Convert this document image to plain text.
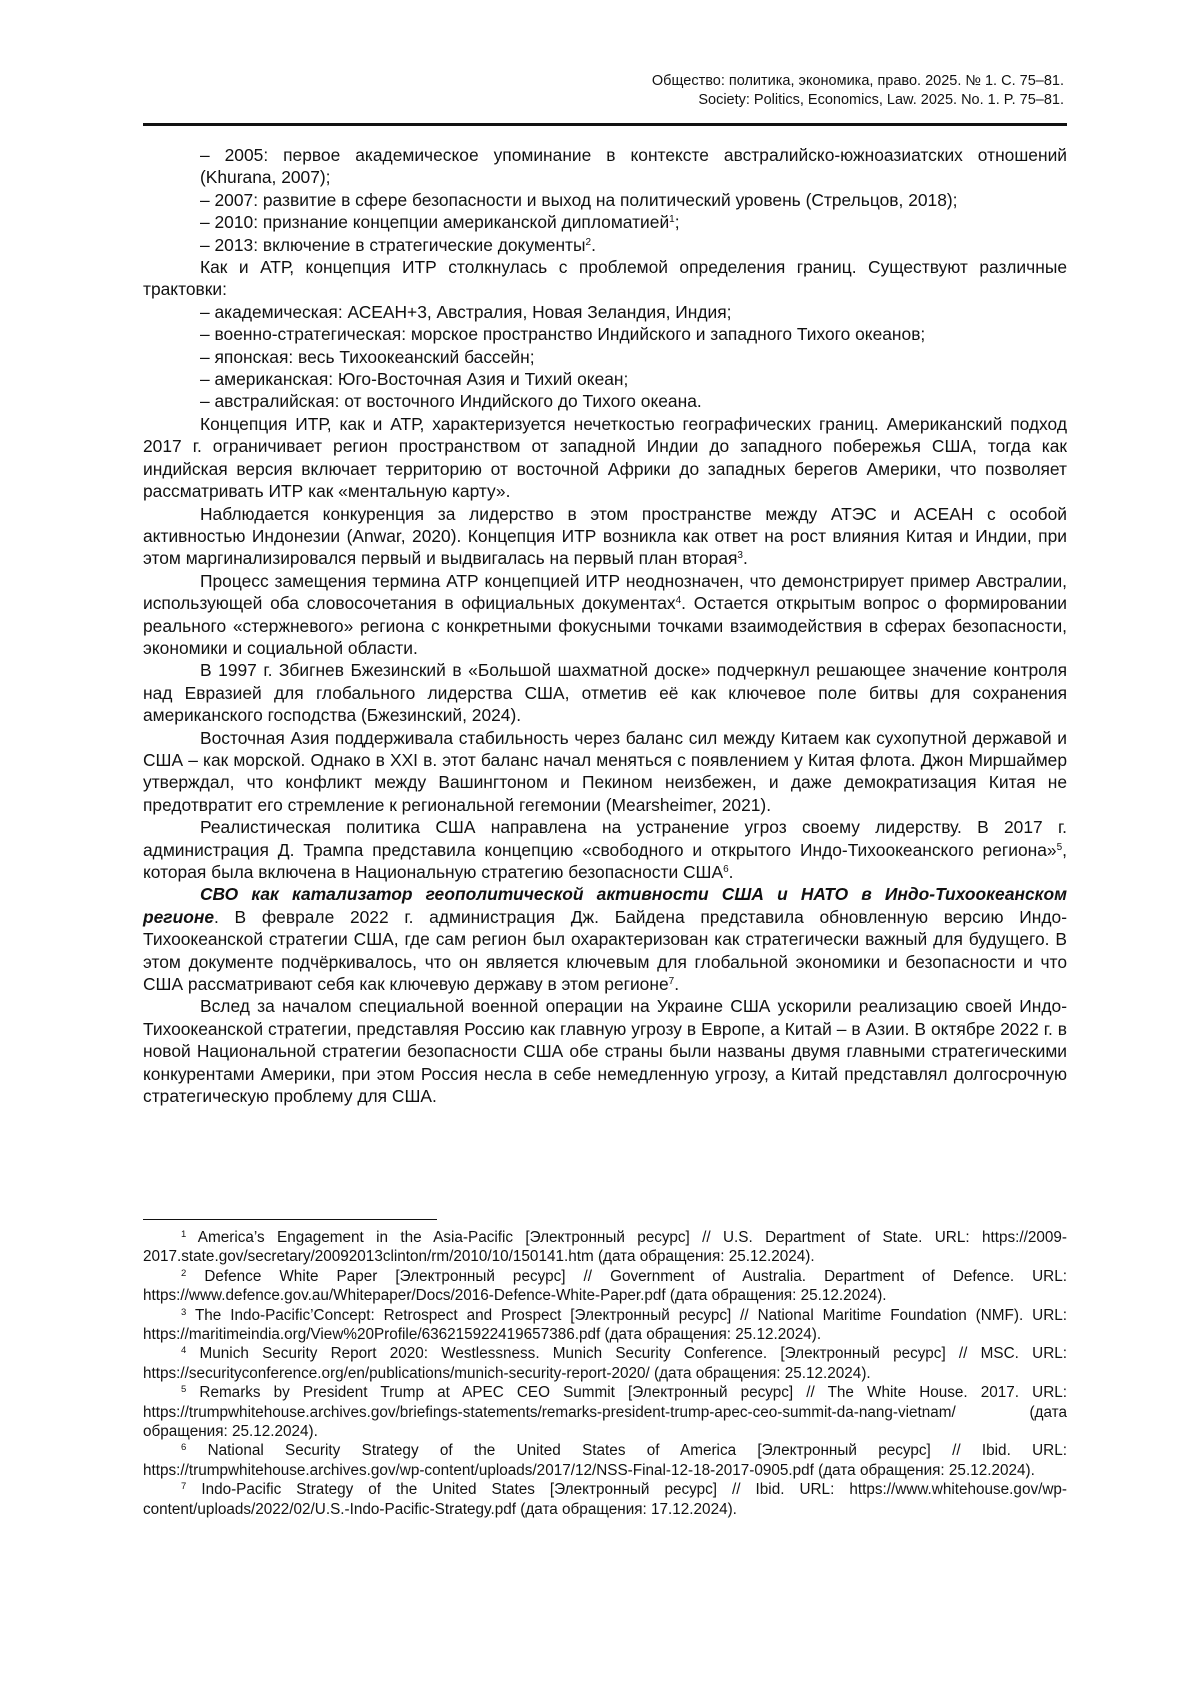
Общество: политика, экономика, право. 2025. № 1. С. 75–81.
Society: Politics, Economics, Law. 2025. No. 1. P. 75–81.

– 2005: первое академическое упоминание в контексте австралийско-южноазиатских отношений (Khurana, 2007);

– 2007: развитие в сфере безопасности и выход на политический уровень (Стрельцов, 2018);

– 2010: признание концепции американской дипломатией$^1$;

– 2013: включение в стратегические документы$^2$.

Как и АТР, концепция ИТР столкнулась с проблемой определения границ. Существуют различные трактовки:

– академическая: АСЕАН+3, Австралия, Новая Зеландия, Индия;

– военно-стратегическая: морское пространство Индийского и западного Тихого океанов;

– японская: весь Тихоокеанский бассейн;

– американская: Юго-Восточная Азия и Тихий океан;

– австралийская: от восточного Индийского до Тихого океана.

Концепция ИТР, как и АТР, характеризуется нечеткостью географических границ. Американский подход 2017 г. ограничивает регион пространством от западной Индии до западного побережья США, тогда как индийская версия включает территорию от восточной Африки до западных берегов Америки, что позволяет рассматривать ИТР как «ментальную карту».

Наблюдается конкуренция за лидерство в этом пространстве между АТЭС и АСЕАН с особой активностью Индонезии (Anwar, 2020). Концепция ИТР возникла как ответ на рост влияния Китая и Индии, при этом маргинализировался первый и выдвигалась на первый план вторая$^3$.

Процесс замещения термина АТР концепцией ИТР неоднозначен, что демонстрирует пример Австралии, использующей оба словосочетания в официальных документах$^4$. Остается открытым вопрос о формировании реального «стержневого» региона с конкретными фокусными точками взаимодействия в сферах безопасности, экономики и социальной области.

В 1997 г. Збигнев Бжезинский в «Большой шахматной доске» подчеркнул решающее значение контроля над Евразией для глобального лидерства США, отметив её как ключевое поле битвы для сохранения американского господства (Бжезинский, 2024).

Восточная Азия поддерживала стабильность через баланс сил между Китаем как сухопутной державой и США – как морской. Однако в XXI в. этот баланс начал меняться с появлением у Китая флота. Джон Миршаймер утверждал, что конфликт между Вашингтоном и Пекином неизбежен, и даже демократизация Китая не предотвратит его стремление к региональной гегемонии (Mearsheimer, 2021).

Реалистическая политика США направлена на устранение угроз своему лидерству. В 2017 г. администрация Д. Трампа представила концепцию «свободного и открытого Индо-Тихоокеанского региона»$^5$, которая была включена в Национальную стратегию безопасности США$^6$.

СВО как катализатор геополитической активности США и НАТО в Индо-Тихоокеанском регионе. В феврале 2022 г. администрация Дж. Байдена представила обновленную версию Индо-Тихоокеанской стратегии США, где сам регион был охарактеризован как стратегически важный для будущего. В этом документе подчёркивалось, что он является ключевым для глобальной экономики и безопасности и что США рассматривают себя как ключевую державу в этом регионе$^7$.

Вслед за началом специальной военной операции на Украине США ускорили реализацию своей Индо-Тихоокеанской стратегии, представляя Россию как главную угрозу в Европе, а Китай – в Азии. В октябре 2022 г. в новой Национальной стратегии безопасности США обе страны были названы двумя главными стратегическими конкурентами Америки, при этом Россия несла в себе немедленную угрозу, а Китай представлял долгосрочную стратегическую проблему для США.

$^1$ America’s Engagement in the Asia-Pacific [Электронный ресурс] // U.S. Department of State. URL: https://2009-2017.state.gov/secretary/20092013clinton/rm/2010/10/150141.htm (дата обращения: 25.12.2024).

$^2$ Defence White Paper [Электронный ресурс] // Government of Australia. Department of Defence. URL: https://www.defence.gov.au/Whitepaper/Docs/2016-Defence-White-Paper.pdf (дата обращения: 25.12.2024).

$^3$ The Indo-Pacific’Concept: Retrospect and Prospect [Электронный ресурс] // National Maritime Foundation (NMF). URL: https://maritimeindia.org/View%20Profile/636215922419657386.pdf (дата обращения: 25.12.2024).

$^4$ Munich Security Report 2020: Westlessness. Munich Security Conference. [Электронный ресурс] // MSC. URL: https://securityconference.org/en/publications/munich-security-report-2020/ (дата обращения: 25.12.2024).

$^5$ Remarks by President Trump at APEC CEO Summit [Электронный ресурс] // The White House. 2017. URL: https://trumpwhitehouse.archives.gov/briefings-statements/remarks-president-trump-apec-ceo-summit-da-nang-vietnam/ (дата обращения: 25.12.2024).

$^6$ National Security Strategy of the United States of America [Электронный ресурс] // Ibid. URL: https://trumpwhitehouse.archives.gov/wp-content/uploads/2017/12/NSS-Final-12-18-2017-0905.pdf (дата обращения: 25.12.2024).

$^7$ Indo-Pacific Strategy of the United States [Электронный ресурс] // Ibid. URL: https://www.whitehouse.gov/wp-content/uploads/2022/02/U.S.-Indo-Pacific-Strategy.pdf (дата обращения: 17.12.2024).
